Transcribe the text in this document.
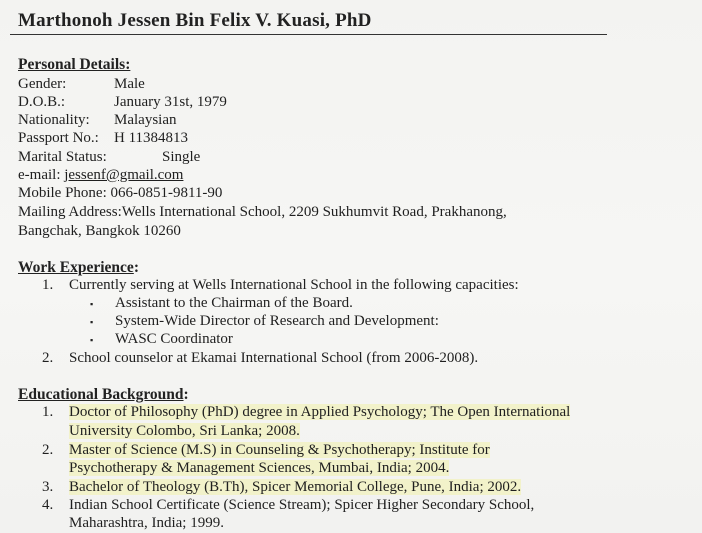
Marthonoh Jessen Bin Felix V. Kuasi, PhD
Personal Details:
Gender:	Male
D.O.B.:	January 31st, 1979
Nationality: Malaysian
Passport No.: H 11384813
Marital Status:	Single
e-mail: jessenf@gmail.com
Mobile Phone: 066-0851-9811-90
Mailing Address:Wells International School, 2209 Sukhumvit Road, Prakhanong,
Bangchak, Bangkok 10260
Work Experience:
1. Currently serving at Wells International School in the following capacities:
▪ Assistant to the Chairman of the Board.
▪ System-Wide Director of Research and Development:
▪ WASC Coordinator
2. School counselor at Ekamai International School (from 2006-2008).
Educational Background:
1. Doctor of Philosophy (PhD) degree in Applied Psychology; The Open International
University Colombo, Sri Lanka; 2008.
2. Master of Science (M.S) in Counseling & Psychotherapy; Institute for
Psychotherapy & Management Sciences, Mumbai, India; 2004.
3. Bachelor of Theology (B.Th), Spicer Memorial College, Pune, India; 2002.
4. Indian School Certificate (Science Stream); Spicer Higher Secondary School,
Maharashtra, India; 1999.
